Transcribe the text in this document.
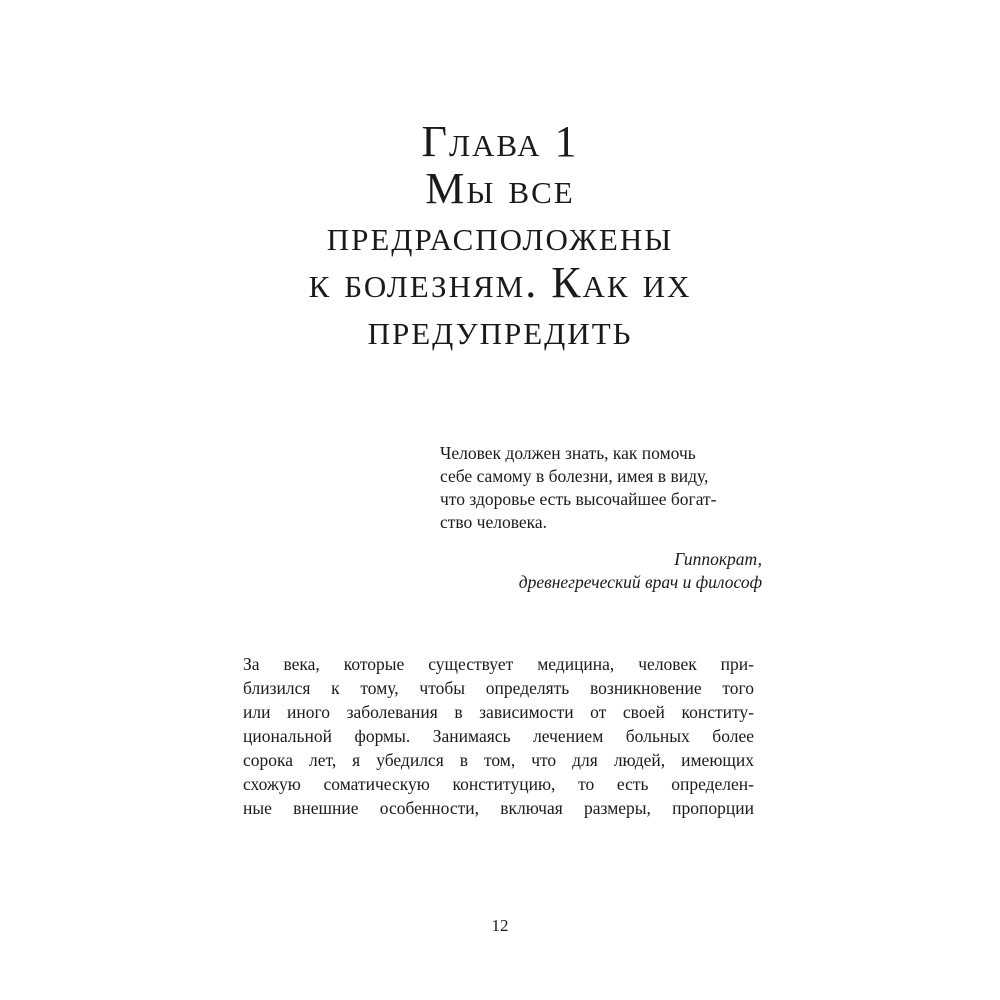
Глава 1
Мы все
предрасположены
к болезням. Как их
предупредить
Человек должен знать, как помочь
себе самому в болезни, имея в виду,
что здоровье есть высочайшее богат-
ство человека.
Гиппократ,
древнегреческий врач и философ
За века, которые существует медицина, человек при-
близился к тому, чтобы определять возникновение того
или иного заболевания в зависимости от своей конститу-
циональной формы. Занимаясь лечением больных более
сорока лет, я убедился в том, что для людей, имеющих
схожую соматическую конституцию, то есть определен-
ные внешние особенности, включая размеры, пропорции
12
